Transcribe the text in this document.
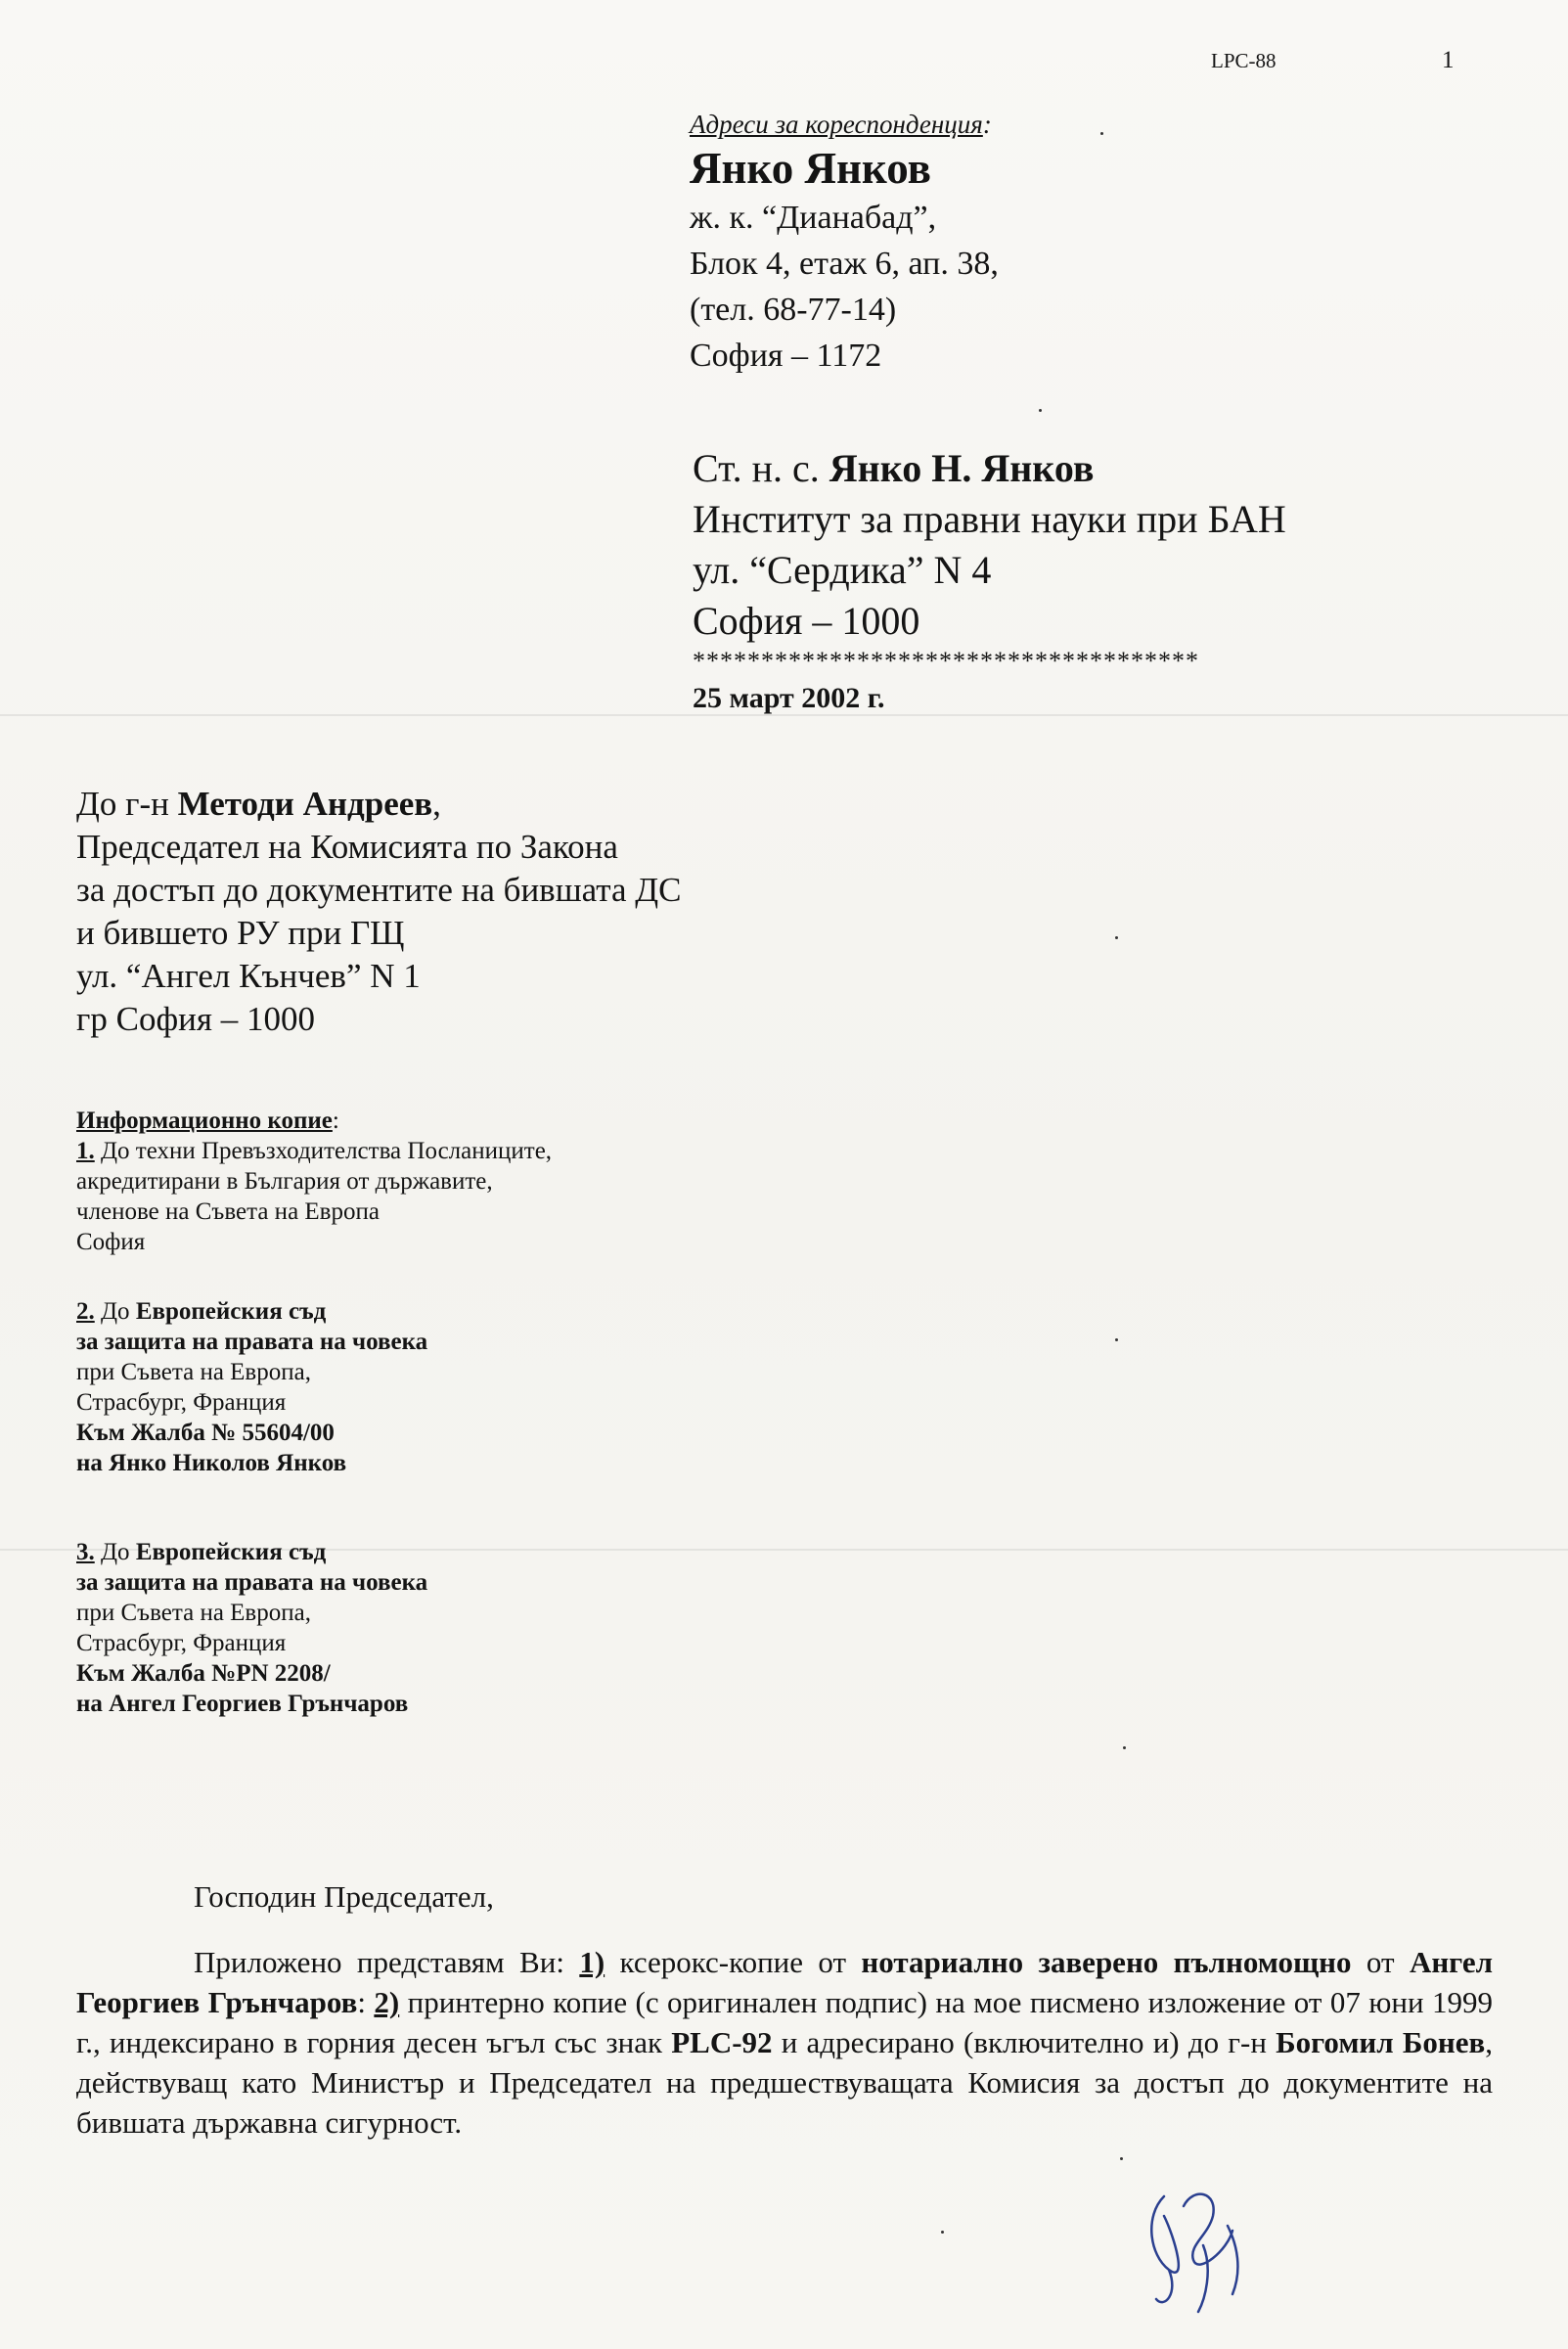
LPC-88	1
Адреси за кореспонденция:
Янко Янков
ж. к. “Дианабад”,
Блок 4, етаж 6, ап. 38,
(тел. 68-77-14)
София – 1172
Ст. н. с. Янко Н. Янков
Институт за правни науки при БАН
ул. “Сердика” N 4
София – 1000
*************************************
25 март 2002 г.
До г-н Методи Андреев,
Председател на Комисията по Закона
за достъп до документите на бившата ДС
и бившето РУ при ГЩ
ул. “Ангел Кънчев” N 1
гр София – 1000
Информационно копие:
1. До техни Превъзходителства Посланиците,
акредитирани в България от държавите,
членове на Съвета на Европа
София
2. До Европейския съд
за защита на правата на човека
при Съвета на Европа,
Страсбург, Франция
Към Жалба № 55604/00
на Янко Николов Янков
3. До Европейския съд
за защита на правата на човека
при Съвета на Европа,
Страсбург, Франция
Към Жалба №PN 2208/
на Ангел Георгиев Грънчаров
Господин Председател,
Приложено представям Ви: 1) ксерокс-копие от нотариално заверено пълномощно от Ангел Георгиев Грънчаров: 2) принтерно копие (с оригинален подпис) на мое писмено изложение от 07 юни 1999 г., индексирано в горния десен ъгъл със знак PLC-92 и адресирано (включително и) до г-н Богомил Бонев, действуващ като Министър и Председател на предшествуващата Комисия за достъп до документите на бившата държавна сигурност.
